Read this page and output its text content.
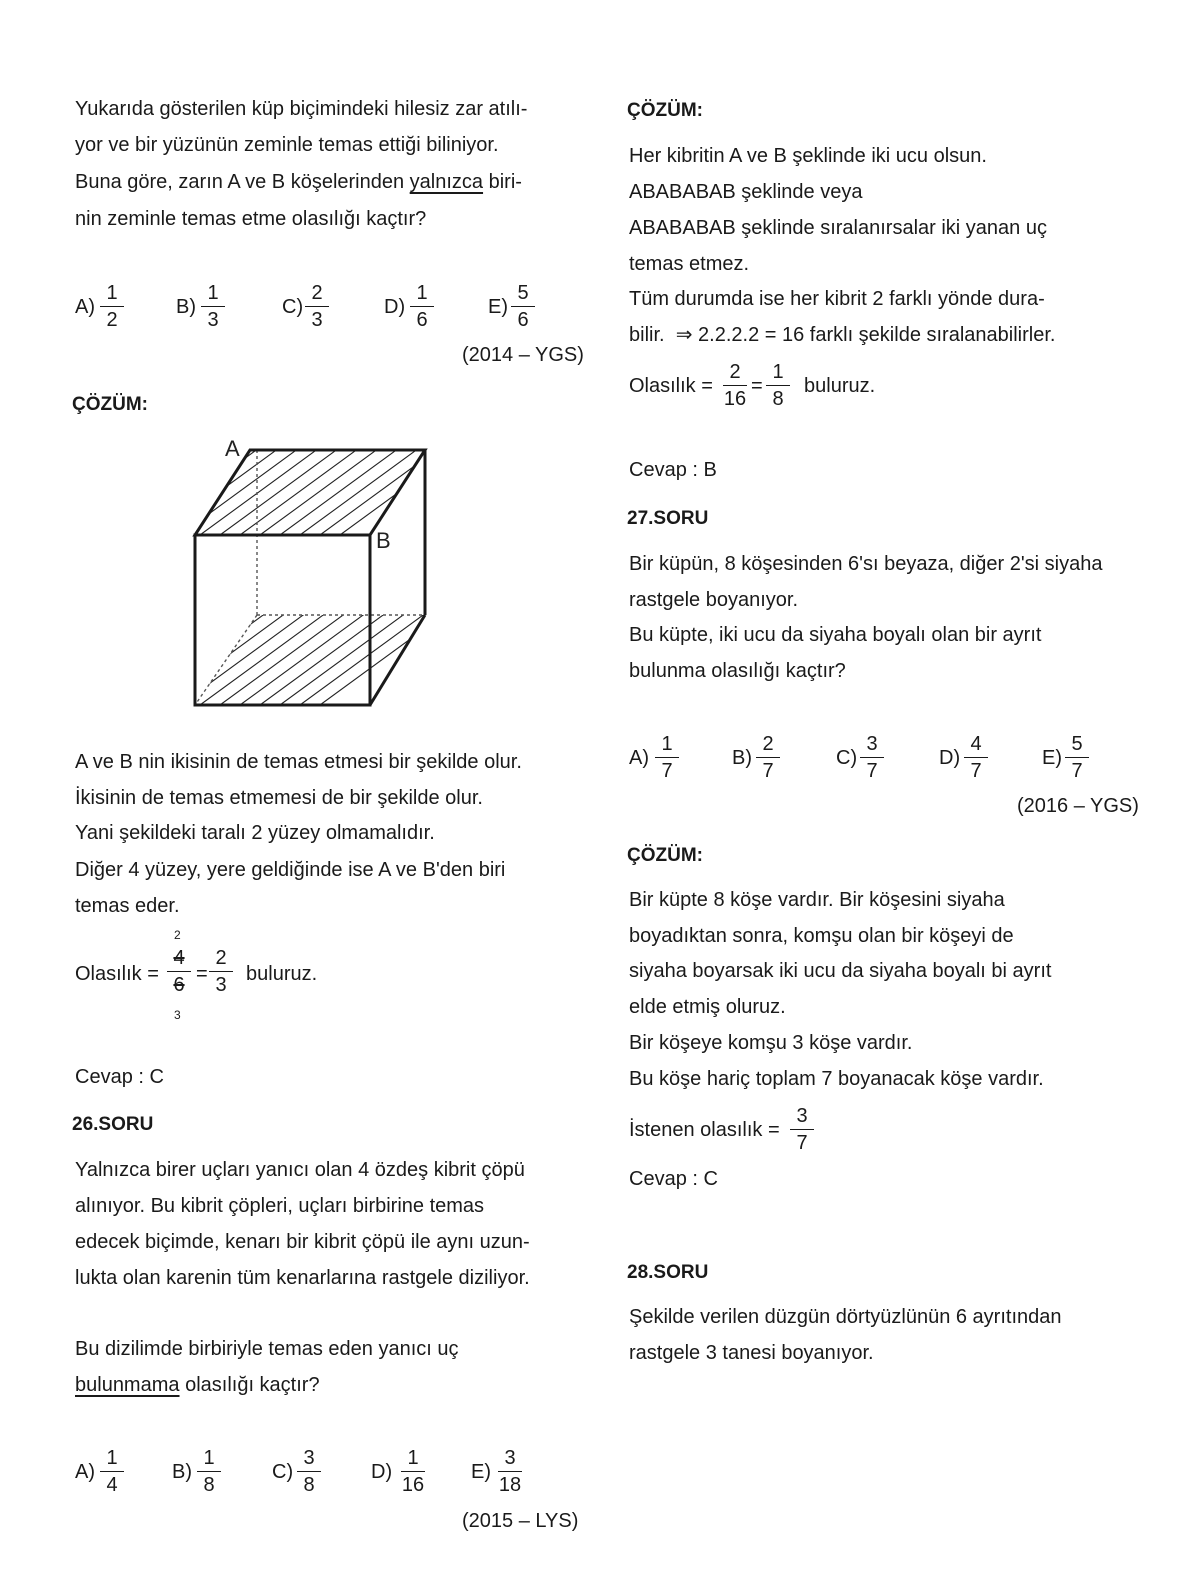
Yukarıda gösterilen küp biçimindeki hilesiz zar atılı-
yor ve bir yüzünün zeminle temas ettiği biliniyor.
Buna göre, zarın A ve B köşelerinden yalnızca biri-
nin zeminle temas etme olasılığı kaçtır?
A)
1
2
B)
1
3
C)
2
3
D)
1
6
E)
5
6
(2014 – YGS)
ÇÖZÜM:
A
B
A ve B nin ikisinin de temas etmesi bir şekilde olur.
İkisinin de temas etmemesi de bir şekilde olur.
Yani şekildeki taralı 2 yüzey olmamalıdır.
Diğer 4 yüzey, yere geldiğinde ise A ve B'den biri
temas eder.
Olasılık =
2
4
6
3
=
2
3 buluruz.
Cevap : C
26.SORU
Yalnızca birer uçları yanıcı olan 4 özdeş kibrit çöpü
alınıyor. Bu kibrit çöpleri, uçları birbirine temas
edecek biçimde, kenarı bir kibrit çöpü ile aynı uzun-
lukta olan karenin tüm kenarlarına rastgele diziliyor.
Bu dizilimde birbiriyle temas eden yanıcı uç
bulunmama olasılığı kaçtır?
A)
1
4
B)
1
8
C)
3
8
D)
1
16
E)
3
18
(2015 – LYS)
ÇÖZÜM:
Her kibritin A ve B şeklinde iki ucu olsun.
ABABABAB şeklinde veya
ABABABAB şeklinde sıralanırsalar iki yanan uç
temas etmez.
Tüm durumda ise her kibrit 2 farklı yönde dura-
bilir. ⇒ 2.2.2.2 = 16 farklı şekilde sıralanabilirler.
Olasılık =
2
16
=
1
8
buluruz.
Cevap : B
27.SORU
Bir küpün, 8 köşesinden 6'sı beyaza, diğer 2'si siyaha
rastgele boyanıyor.
Bu küpte, iki ucu da siyaha boyalı olan bir ayrıt
bulunma olasılığı kaçtır?
A)
1
7
B)
2
7
C)
3
7
D)
4
7
E)
5
7
(2016 – YGS)
ÇÖZÜM:
Bir küpte 8 köşe vardır. Bir köşesini siyaha
boyadıktan sonra, komşu olan bir köşeyi de
siyaha boyarsak iki ucu da siyaha boyalı bi ayrıt
elde etmiş oluruz.
Bir köşeye komşu 3 köşe vardır.
Bu köşe hariç toplam 7 boyanacak köşe vardır.
İstenen olasılık =
3
7
Cevap : C
28.SORU
Şekilde verilen düzgün dörtyüzlünün 6 ayrıtından
rastgele 3 tanesi boyanıyor.
